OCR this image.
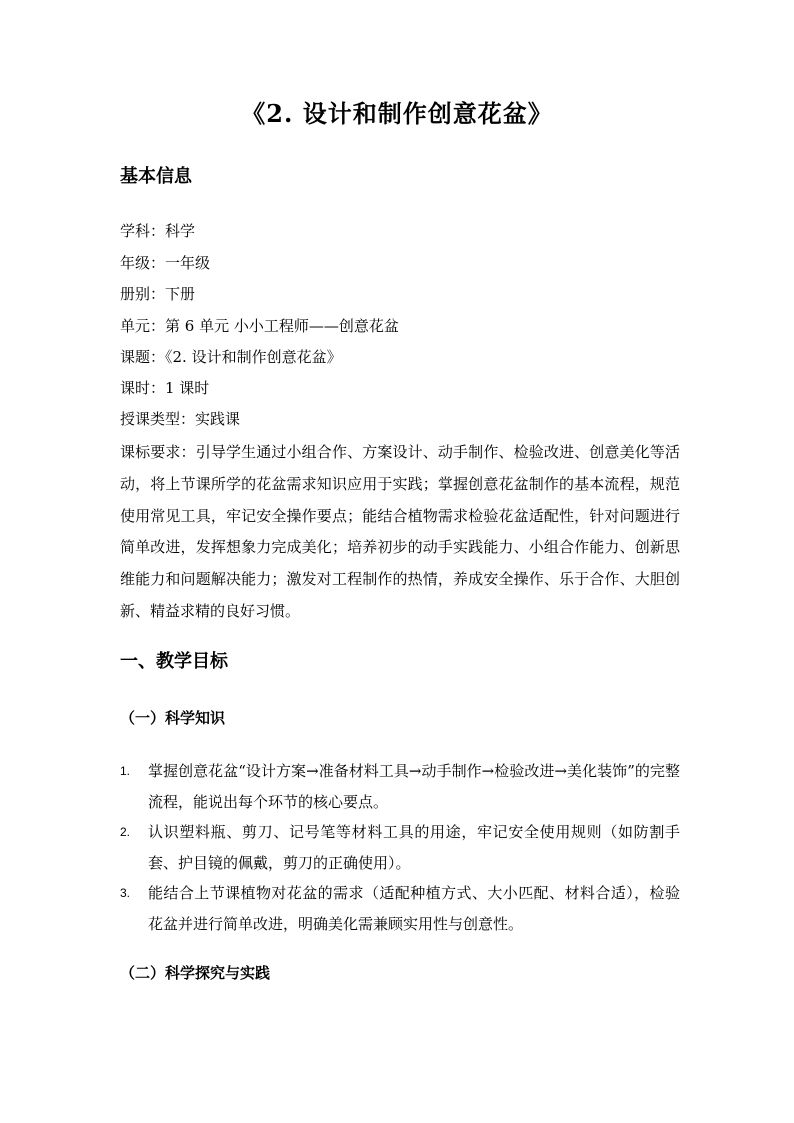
《2. 设计和制作创意花盆》
基本信息
学科：科学
年级：一年级
册别：下册
单元：第 6 单元 小小工程师——创意花盆
课题：《2. 设计和制作创意花盆》
课时：1 课时
授课类型：实践课
课标要求：引导学生通过小组合作、方案设计、动手制作、检验改进、创意美化等活动，将上节课所学的花盆需求知识应用于实践；掌握创意花盆制作的基本流程，规范使用常见工具，牢记安全操作要点；能结合植物需求检验花盆适配性，针对问题进行简单改进，发挥想象力完成美化；培养初步的动手实践能力、小组合作能力、创新思维能力和问题解决能力；激发对工程制作的热情，养成安全操作、乐于合作、大胆创新、精益求精的良好习惯。
一、教学目标
（一）科学知识
1. 掌握创意花盆“设计方案→准备材料工具→动手制作→检验改进→美化装饰”的完整流程，能说出每个环节的核心要点。
2. 认识塑料瓶、剪刀、记号笔等材料工具的用途，牢记安全使用规则（如防割手套、护目镜的佩戴，剪刀的正确使用）。
3. 能结合上节课植物对花盆的需求（适配种植方式、大小匹配、材料合适），检验花盆并进行简单改进，明确美化需兼顾实用性与创意性。
（二）科学探究与实践
